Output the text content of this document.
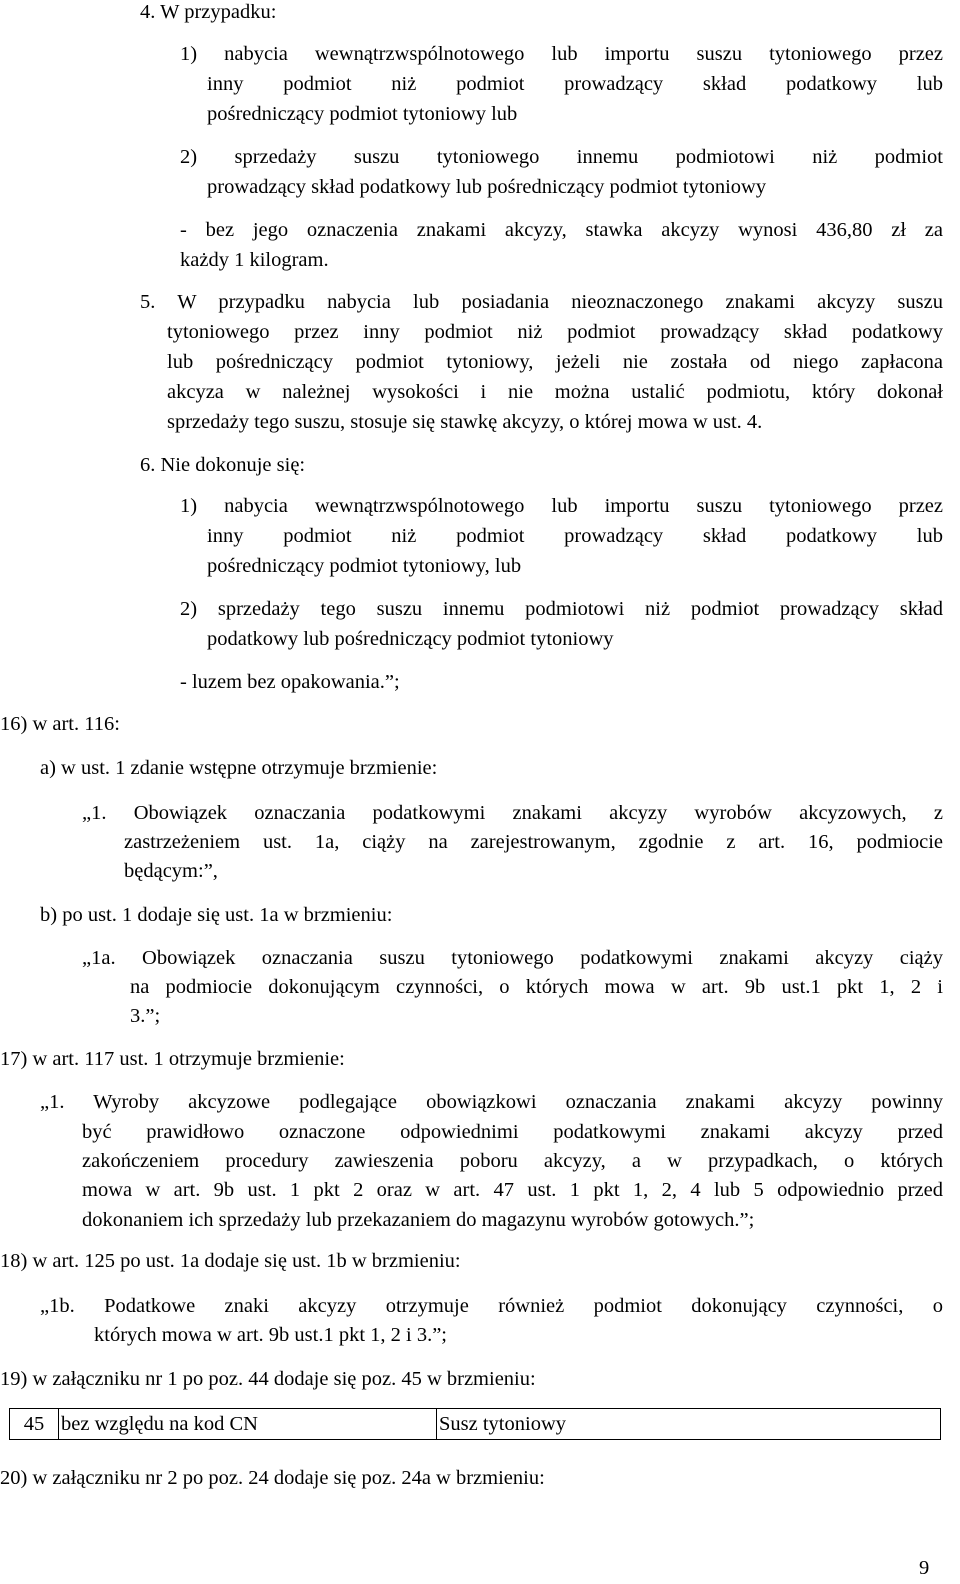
4. W przypadku:
1) nabycia wewnątrzwspólnotowego lub importu suszu tytoniowego przez
inny podmiot niż podmiot prowadzący skład podatkowy lub
pośredniczący podmiot tytoniowy lub
2) sprzedaży suszu tytoniowego innemu podmiotowi niż podmiot
prowadzący skład podatkowy lub pośredniczący podmiot tytoniowy
- bez jego oznaczenia znakami akcyzy, stawka akcyzy wynosi 436,80 zł za
każdy 1 kilogram.
5. W przypadku nabycia lub posiadania nieoznaczonego znakami akcyzy suszu
tytoniowego przez inny podmiot niż podmiot prowadzący skład podatkowy
lub pośredniczący podmiot tytoniowy, jeżeli nie została od niego zapłacona
akcyza w należnej wysokości i nie można ustalić podmiotu, który dokonał
sprzedaży tego suszu, stosuje się stawkę akcyzy, o której mowa w ust. 4.
6. Nie dokonuje się:
1) nabycia wewnątrzwspólnotowego lub importu suszu tytoniowego przez
inny podmiot niż podmiot prowadzący skład podatkowy lub
pośredniczący podmiot tytoniowy, lub
2) sprzedaży tego suszu innemu podmiotowi niż podmiot prowadzący skład
podatkowy lub pośredniczący podmiot tytoniowy
- luzem bez opakowania.”;
16) w art. 116:
a) w ust. 1 zdanie wstępne otrzymuje brzmienie:
„1. Obowiązek oznaczania podatkowymi znakami akcyzy wyrobów akcyzowych, z
zastrzeżeniem ust. 1a, ciąży na zarejestrowanym, zgodnie z art. 16, podmiocie
będącym:”,
b) po ust. 1 dodaje się ust. 1a w brzmieniu:
„1a. Obowiązek oznaczania suszu tytoniowego podatkowymi znakami akcyzy ciąży
na podmiocie dokonującym czynności, o których mowa w art. 9b ust.1 pkt 1, 2 i
3.”;
17) w art. 117 ust. 1 otrzymuje brzmienie:
„1. Wyroby akcyzowe podlegające obowiązkowi oznaczania znakami akcyzy powinny
być prawidłowo oznaczone odpowiednimi podatkowymi znakami akcyzy przed
zakończeniem procedury zawieszenia poboru akcyzy, a w przypadkach, o których
mowa w art. 9b ust. 1 pkt 2 oraz w art. 47 ust. 1 pkt 1, 2, 4 lub 5 odpowiednio przed
dokonaniem ich sprzedaży lub przekazaniem do magazynu wyrobów gotowych.”;
18) w art. 125 po ust. 1a dodaje się ust. 1b w brzmieniu:
„1b. Podatkowe znaki akcyzy otrzymuje również podmiot dokonujący czynności, o
których mowa w art. 9b ust.1 pkt 1, 2 i 3.”;
19) w załączniku nr 1 po poz. 44 dodaje się poz. 45 w brzmieniu:
45	bez względu na kod CN	Susz tytoniowy
20) w załączniku nr 2 po poz. 24 dodaje się poz. 24a w brzmieniu:
9
